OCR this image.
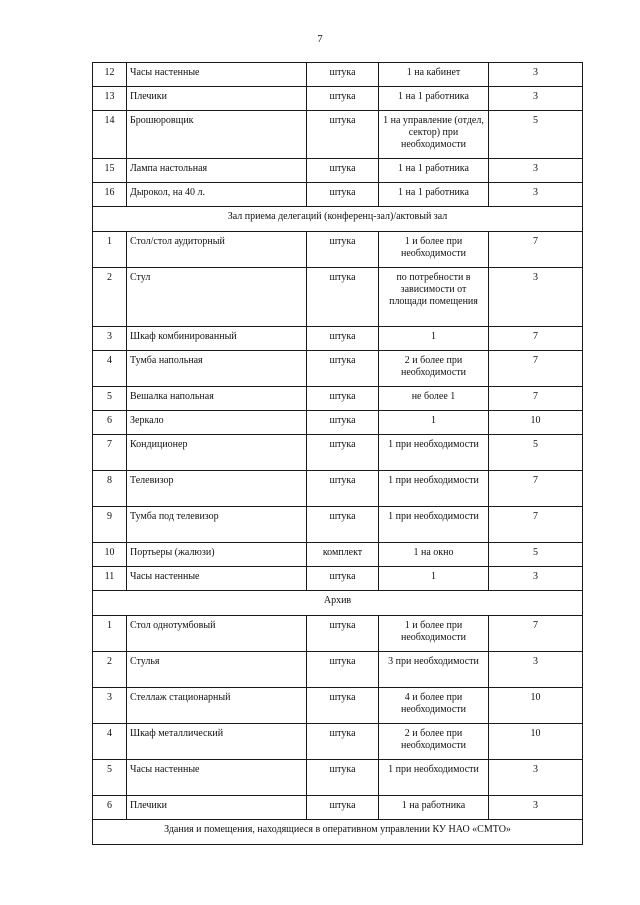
7
12	Часы настенные	штука	1 на кабинет	3
13	Плечики	штука	1 на 1 работника	3
14	Брошюровщик	штука	1 на управление (отдел, сектор) при необходимости	5
15	Лампа настольная	штука	1 на 1 работника	3
16	Дырокол, на 40 л.	штука	1 на 1 работника	3
Зал приема делегаций (конференц-зал)/актовый зал				
1	Стол/стол аудиторный	штука	1 и более при необходимости	7
2	Стул	штука	по потребности в зависимости от площади помещения	3
3	Шкаф комбинированный	штука	1	7
4	Тумба напольная	штука	2 и более при необходимости	7
5	Вешалка напольная	штука	не более 1	7
6	Зеркало	штука	1	10
7	Кондиционер	штука	1 при необходимости	5
8	Телевизор	штука	1 при необходимости	7
9	Тумба под телевизор	штука	1 при необходимости	7
10	Портьеры (жалюзи)	комплект	1 на окно	5
11	Часы настенные	штука	1	3
Архив				
1	Стол однотумбовый	штука	1 и более при необходимости	7
2	Стулья	штука	3 при необходимости	3
3	Стеллаж стационарный	штука	4 и более при необходимости	10
4	Шкаф металлический	штука	2 и более при необходимости	10
5	Часы настенные	штука	1 при необходимости	3
6	Плечики	штука	1 на работника	3
Здания и помещения, находящиеся в оперативном управлении КУ НАО «СМТО»				
